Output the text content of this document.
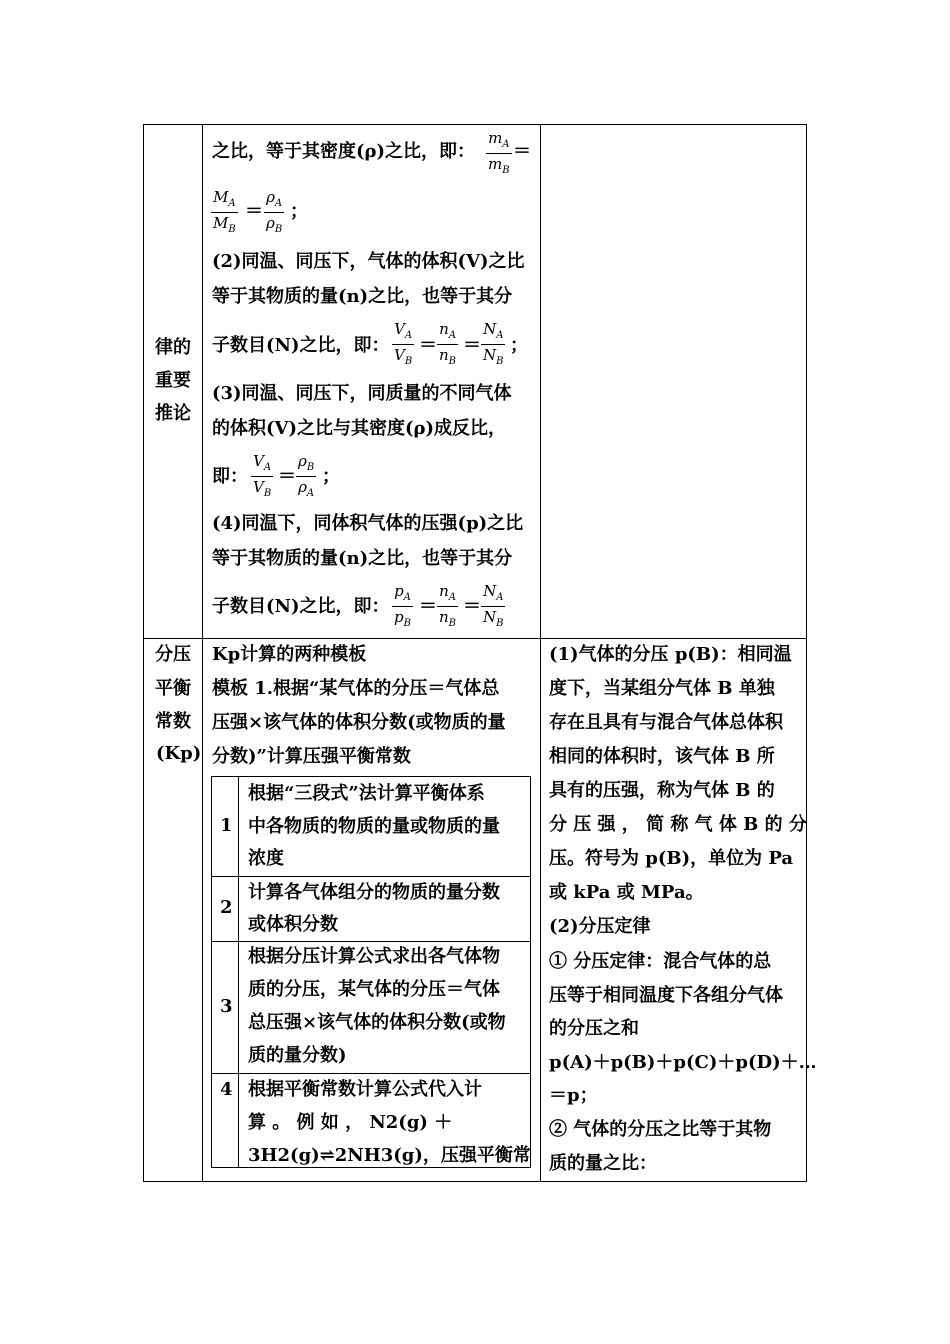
律的
重要
推论
之比，等于其密度(ρ)之比，即：
$m_A$
$m_B$
＝
$M_A$
$M_B$
＝
$\rho_A$
$\rho_B$
；
(2)同温、同压下，气体的体积(V)之比
等于其物质的量(n)之比，也等于其分
子数目(N)之比，即：
$V_A$
$V_B$
＝
$n_A$
$n_B$
＝
$N_A$
$N_B$
；
(3)同温、同压下，同质量的不同气体
的体积(V)之比与其密度(ρ)成反比，
即：
$V_A$
$V_B$
＝
$\rho_B$
$\rho_A$
；
(4)同温下，同体积气体的压强(p)之比
等于其物质的量(n)之比，也等于其分
子数目(N)之比，即：
$p_A$
$p_B$
＝
$n_A$
$n_B$
＝
$N_A$
$N_B$
分压
平衡
常数
(Kp)
Kp计算的两种模板
模板 1.根据“某气体的分压＝气体总
压强×该气体的体积分数(或物质的量
分数)”计算压强平衡常数
1
根据“三段式”法计算平衡体系
中各物质的物质的量或物质的量
浓度
2
计算各气体组分的物质的量分数
或体积分数
3
根据分压计算公式求出各气体物
质的分压，某气体的分压＝气体
总压强×该气体的体积分数(或物
质的量分数)
4 根据平衡常数计算公式代入计
算 。 例 如 ， N2(g) ＋
3H2(g)⇌2NH3(g)，压强平衡常
(1)气体的分压 p(B)：相同温
度下，当某组分气体 B 单独
存在且具有与混合气体总体积
相同的体积时，该气体 B 所
具有的压强，称为气体 B 的
分 压 强 ， 简 称 气 体 B 的 分
压。符号为 p(B)，单位为 Pa
或 kPa 或 MPa。
(2)分压定律
① 分压定律：混合气体的总
压等于相同温度下各组分气体
的分压之和
p(A)＋p(B)＋p(C)＋p(D)＋…
＝p；
② 气体的分压之比等于其物
质的量之比：
